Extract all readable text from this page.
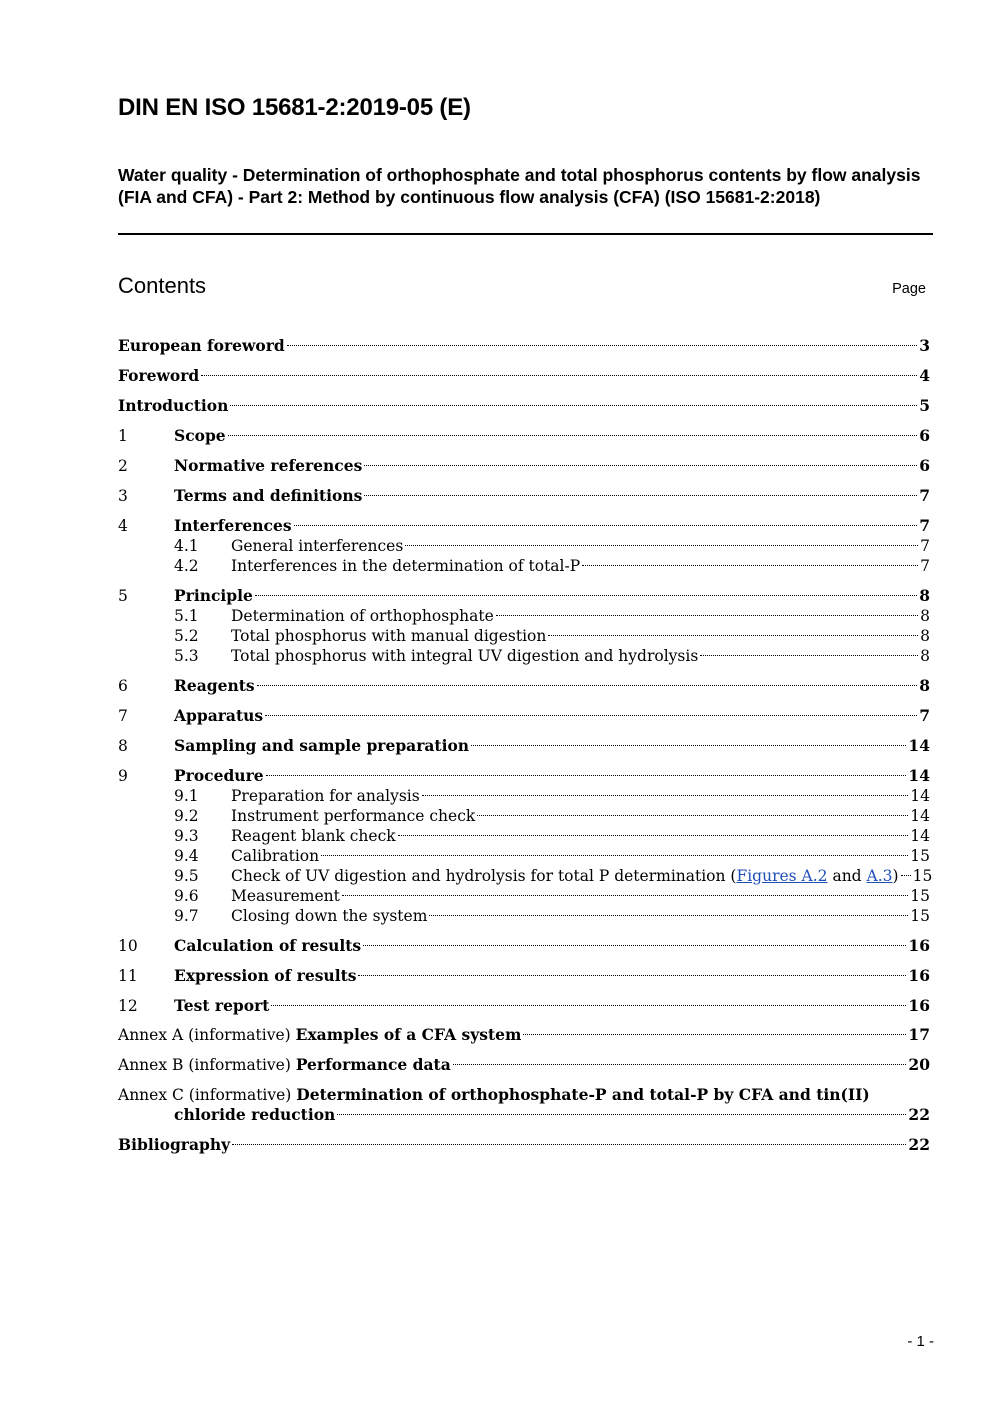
DIN EN ISO 15681-2:2019-05 (E)
Water quality - Determination of orthophosphate and total phosphorus contents by flow analysis (FIA and CFA) - Part 2: Method by continuous flow analysis (CFA) (ISO 15681-2:2018)
Contents	Page
European foreword	3
Foreword	4
Introduction	5
1	Scope	6
2	Normative references	6
3	Terms and definitions	7
4	Interferences	7
4.1	General interferences	7
4.2	Interferences in the determination of total-P	7
5	Principle	8
5.1	Determination of orthophosphate	8
5.2	Total phosphorus with manual digestion	8
5.3	Total phosphorus with integral UV digestion and hydrolysis	8
6	Reagents	8
7	Apparatus	7
8	Sampling and sample preparation	14
9	Procedure	14
9.1	Preparation for analysis	14
9.2	Instrument performance check	14
9.3	Reagent blank check	14
9.4	Calibration	15
9.5	Check of UV digestion and hydrolysis for total P determination (Figures A.2 and A.3) 15
9.6	Measurement	15
9.7	Closing down the system	15
10	Calculation of results	16
11	Expression of results	16
12	Test report	16
Annex A (informative) Examples of a CFA system	17
Annex B (informative) Performance data	20
Annex C (informative) Determination of orthophosphate-P and total-P by CFA and tin(II)
chloride reduction	22
Bibliography	22
- 1 -
